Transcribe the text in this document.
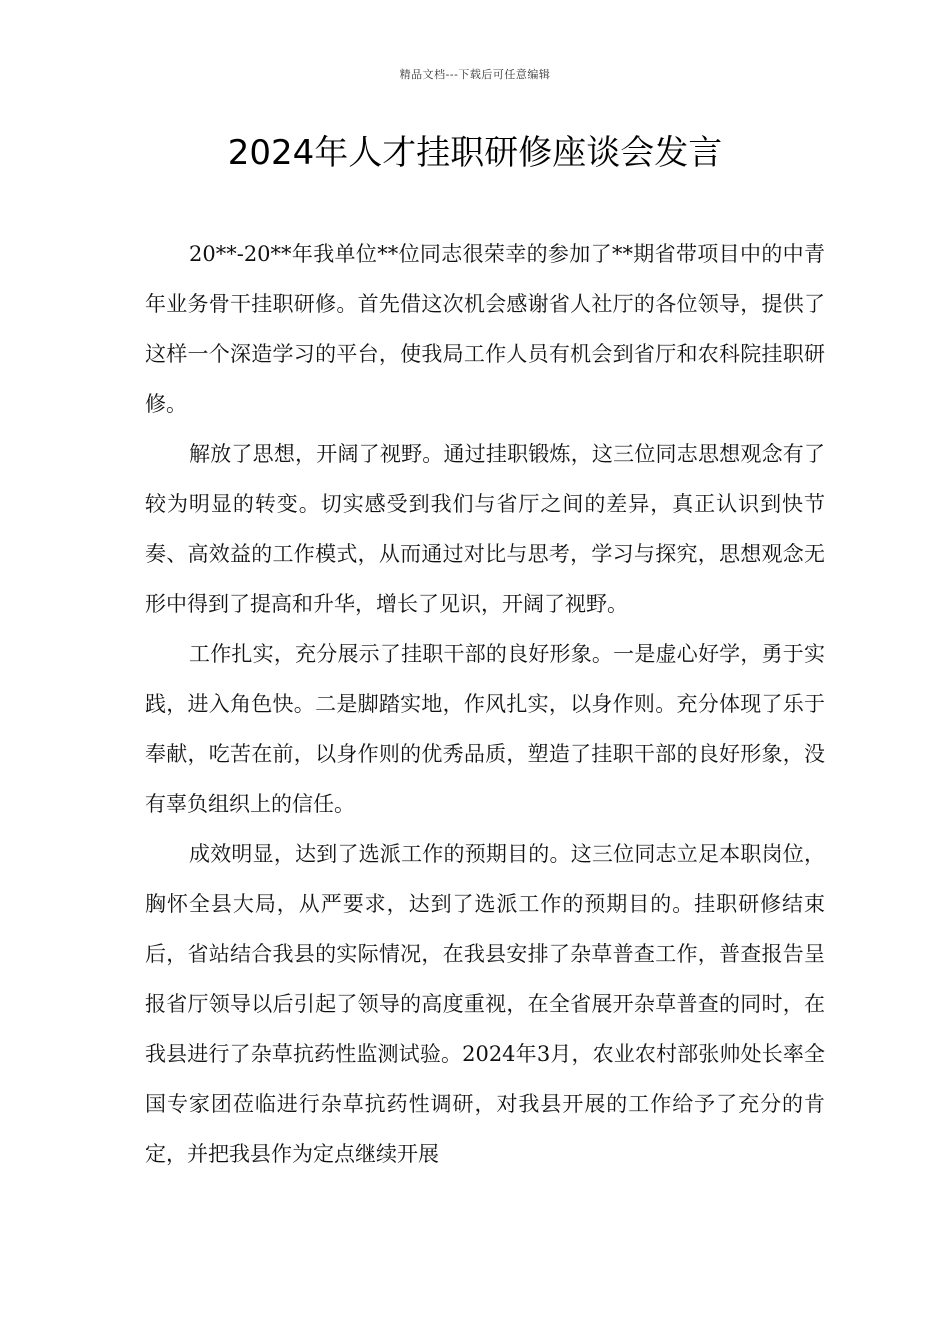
精品文档---下载后可任意编辑
2024年人才挂职研修座谈会发言

20**-20**年我单位**位同志很荣幸的参加了**期省带项目中的中青年业务骨干挂职研修。首先借这次机会感谢省人社厅的各位领导，提供了这样一个深造学习的平台，使我局工作人员有机会到省厅和农科院挂职研修。

解放了思想，开阔了视野。通过挂职锻炼，这三位同志思想观念有了较为明显的转变。切实感受到我们与省厅之间的差异，真正认识到快节奏、高效益的工作模式，从而通过对比与思考，学习与探究，思想观念无形中得到了提高和升华，增长了见识，开阔了视野。

工作扎实，充分展示了挂职干部的良好形象。一是虚心好学，勇于实践，进入角色快。二是脚踏实地，作风扎实，以身作则。充分体现了乐于奉献，吃苦在前，以身作则的优秀品质，塑造了挂职干部的良好形象，没有辜负组织上的信任。

成效明显，达到了选派工作的预期目的。这三位同志立足本职岗位，胸怀全县大局，从严要求，达到了选派工作的预期目的。挂职研修结束后，省站结合我县的实际情况，在我县安排了杂草普查工作，普查报告呈报省厅领导以后引起了领导的高度重视，在全省展开杂草普查的同时，在我县进行了杂草抗药性监测试验。2024年3月，农业农村部张帅处长率全国专家团莅临进行杂草抗药性调研，对我县开展的工作给予了充分的肯定，并把我县作为定点继续开展
